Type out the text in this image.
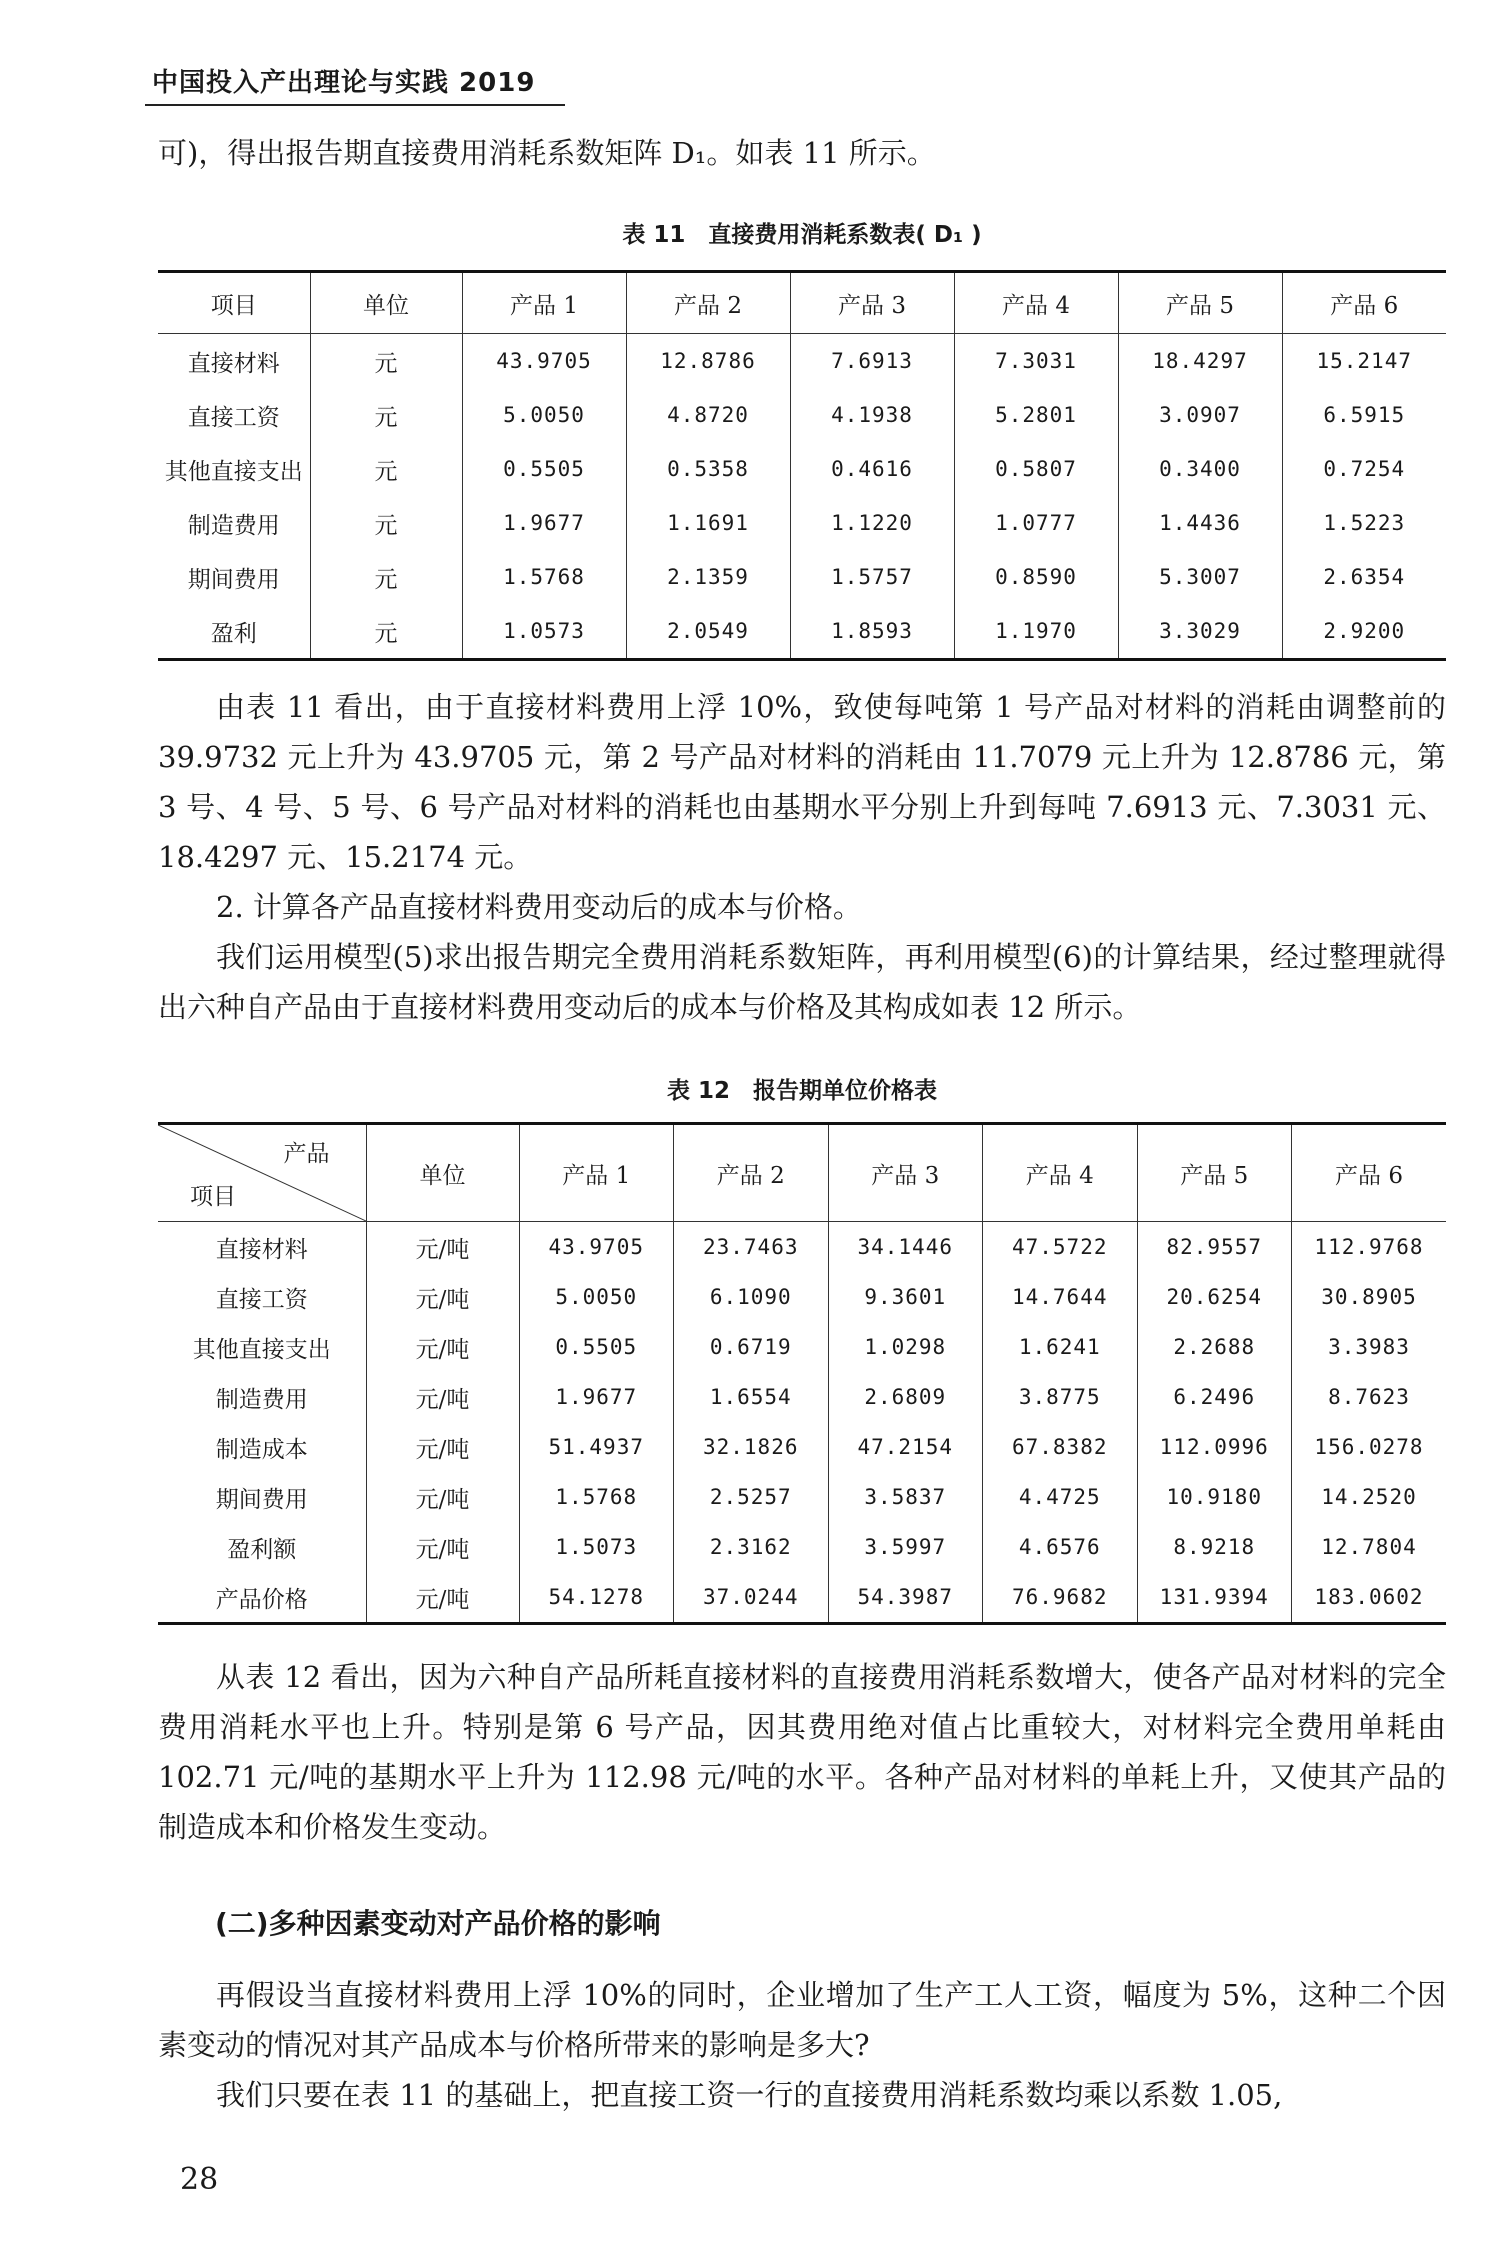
中国投入产出理论与实践 2019
可)，得出报告期直接费用消耗系数矩阵 D₁。如表 11 所示。
表 11　直接费用消耗系数表( D₁ )
项目	单位	产品 1	产品 2	产品 3	产品 4	产品 5	产品 6
直接材料	元	43.9705	12.8786	7.6913	7.3031	18.4297	15.2147
直接工资	元	5.0050	4.8720	4.1938	5.2801	3.0907	6.5915
其他直接支出	元	0.5505	0.5358	0.4616	0.5807	0.3400	0.7254
制造费用	元	1.9677	1.1691	1.1220	1.0777	1.4436	1.5223
期间费用	元	1.5768	2.1359	1.5757	0.8590	5.3007	2.6354
盈利	元	1.0573	2.0549	1.8593	1.1970	3.3029	2.9200
由表 11 看出，由于直接材料费用上浮 10%，致使每吨第 1 号产品对材料的消耗由调整前的 39.9732 元上升为 43.9705 元，第 2 号产品对材料的消耗由 11.7079 元上升为 12.8786 元，第 3 号、4 号、5 号、6 号产品对材料的消耗也由基期水平分别上升到每吨 7.6913 元、7.3031 元、18.4297 元、15.2174 元。
2. 计算各产品直接材料费用变动后的成本与价格。
我们运用模型(5)求出报告期完全费用消耗系数矩阵，再利用模型(6)的计算结果，经过整理就得出六种自产品由于直接材料费用变动后的成本与价格及其构成如表 12 所示。
表 12　报告期单位价格表
产品
项目	单位	产品 1	产品 2	产品 3	产品 4	产品 5	产品 6
直接材料	元/吨	43.9705	23.7463	34.1446	47.5722	82.9557	112.9768
直接工资	元/吨	5.0050	6.1090	9.3601	14.7644	20.6254	30.8905
其他直接支出	元/吨	0.5505	0.6719	1.0298	1.6241	2.2688	3.3983
制造费用	元/吨	1.9677	1.6554	2.6809	3.8775	6.2496	8.7623
制造成本	元/吨	51.4937	32.1826	47.2154	67.8382	112.0996	156.0278
期间费用	元/吨	1.5768	2.5257	3.5837	4.4725	10.9180	14.2520
盈利额	元/吨	1.5073	2.3162	3.5997	4.6576	8.9218	12.7804
产品价格	元/吨	54.1278	37.0244	54.3987	76.9682	131.9394	183.0602
从表 12 看出，因为六种自产品所耗直接材料的直接费用消耗系数增大，使各产品对材料的完全费用消耗水平也上升。特别是第 6 号产品，因其费用绝对值占比重较大，对材料完全费用单耗由 102.71 元/吨的基期水平上升为 112.98 元/吨的水平。各种产品对材料的单耗上升，又使其产品的制造成本和价格发生变动。
(二)多种因素变动对产品价格的影响
再假设当直接材料费用上浮 10%的同时，企业增加了生产工人工资，幅度为 5%，这种二个因素变动的情况对其产品成本与价格所带来的影响是多大?
我们只要在表 11 的基础上，把直接工资一行的直接费用消耗系数均乘以系数 1.05,
28
